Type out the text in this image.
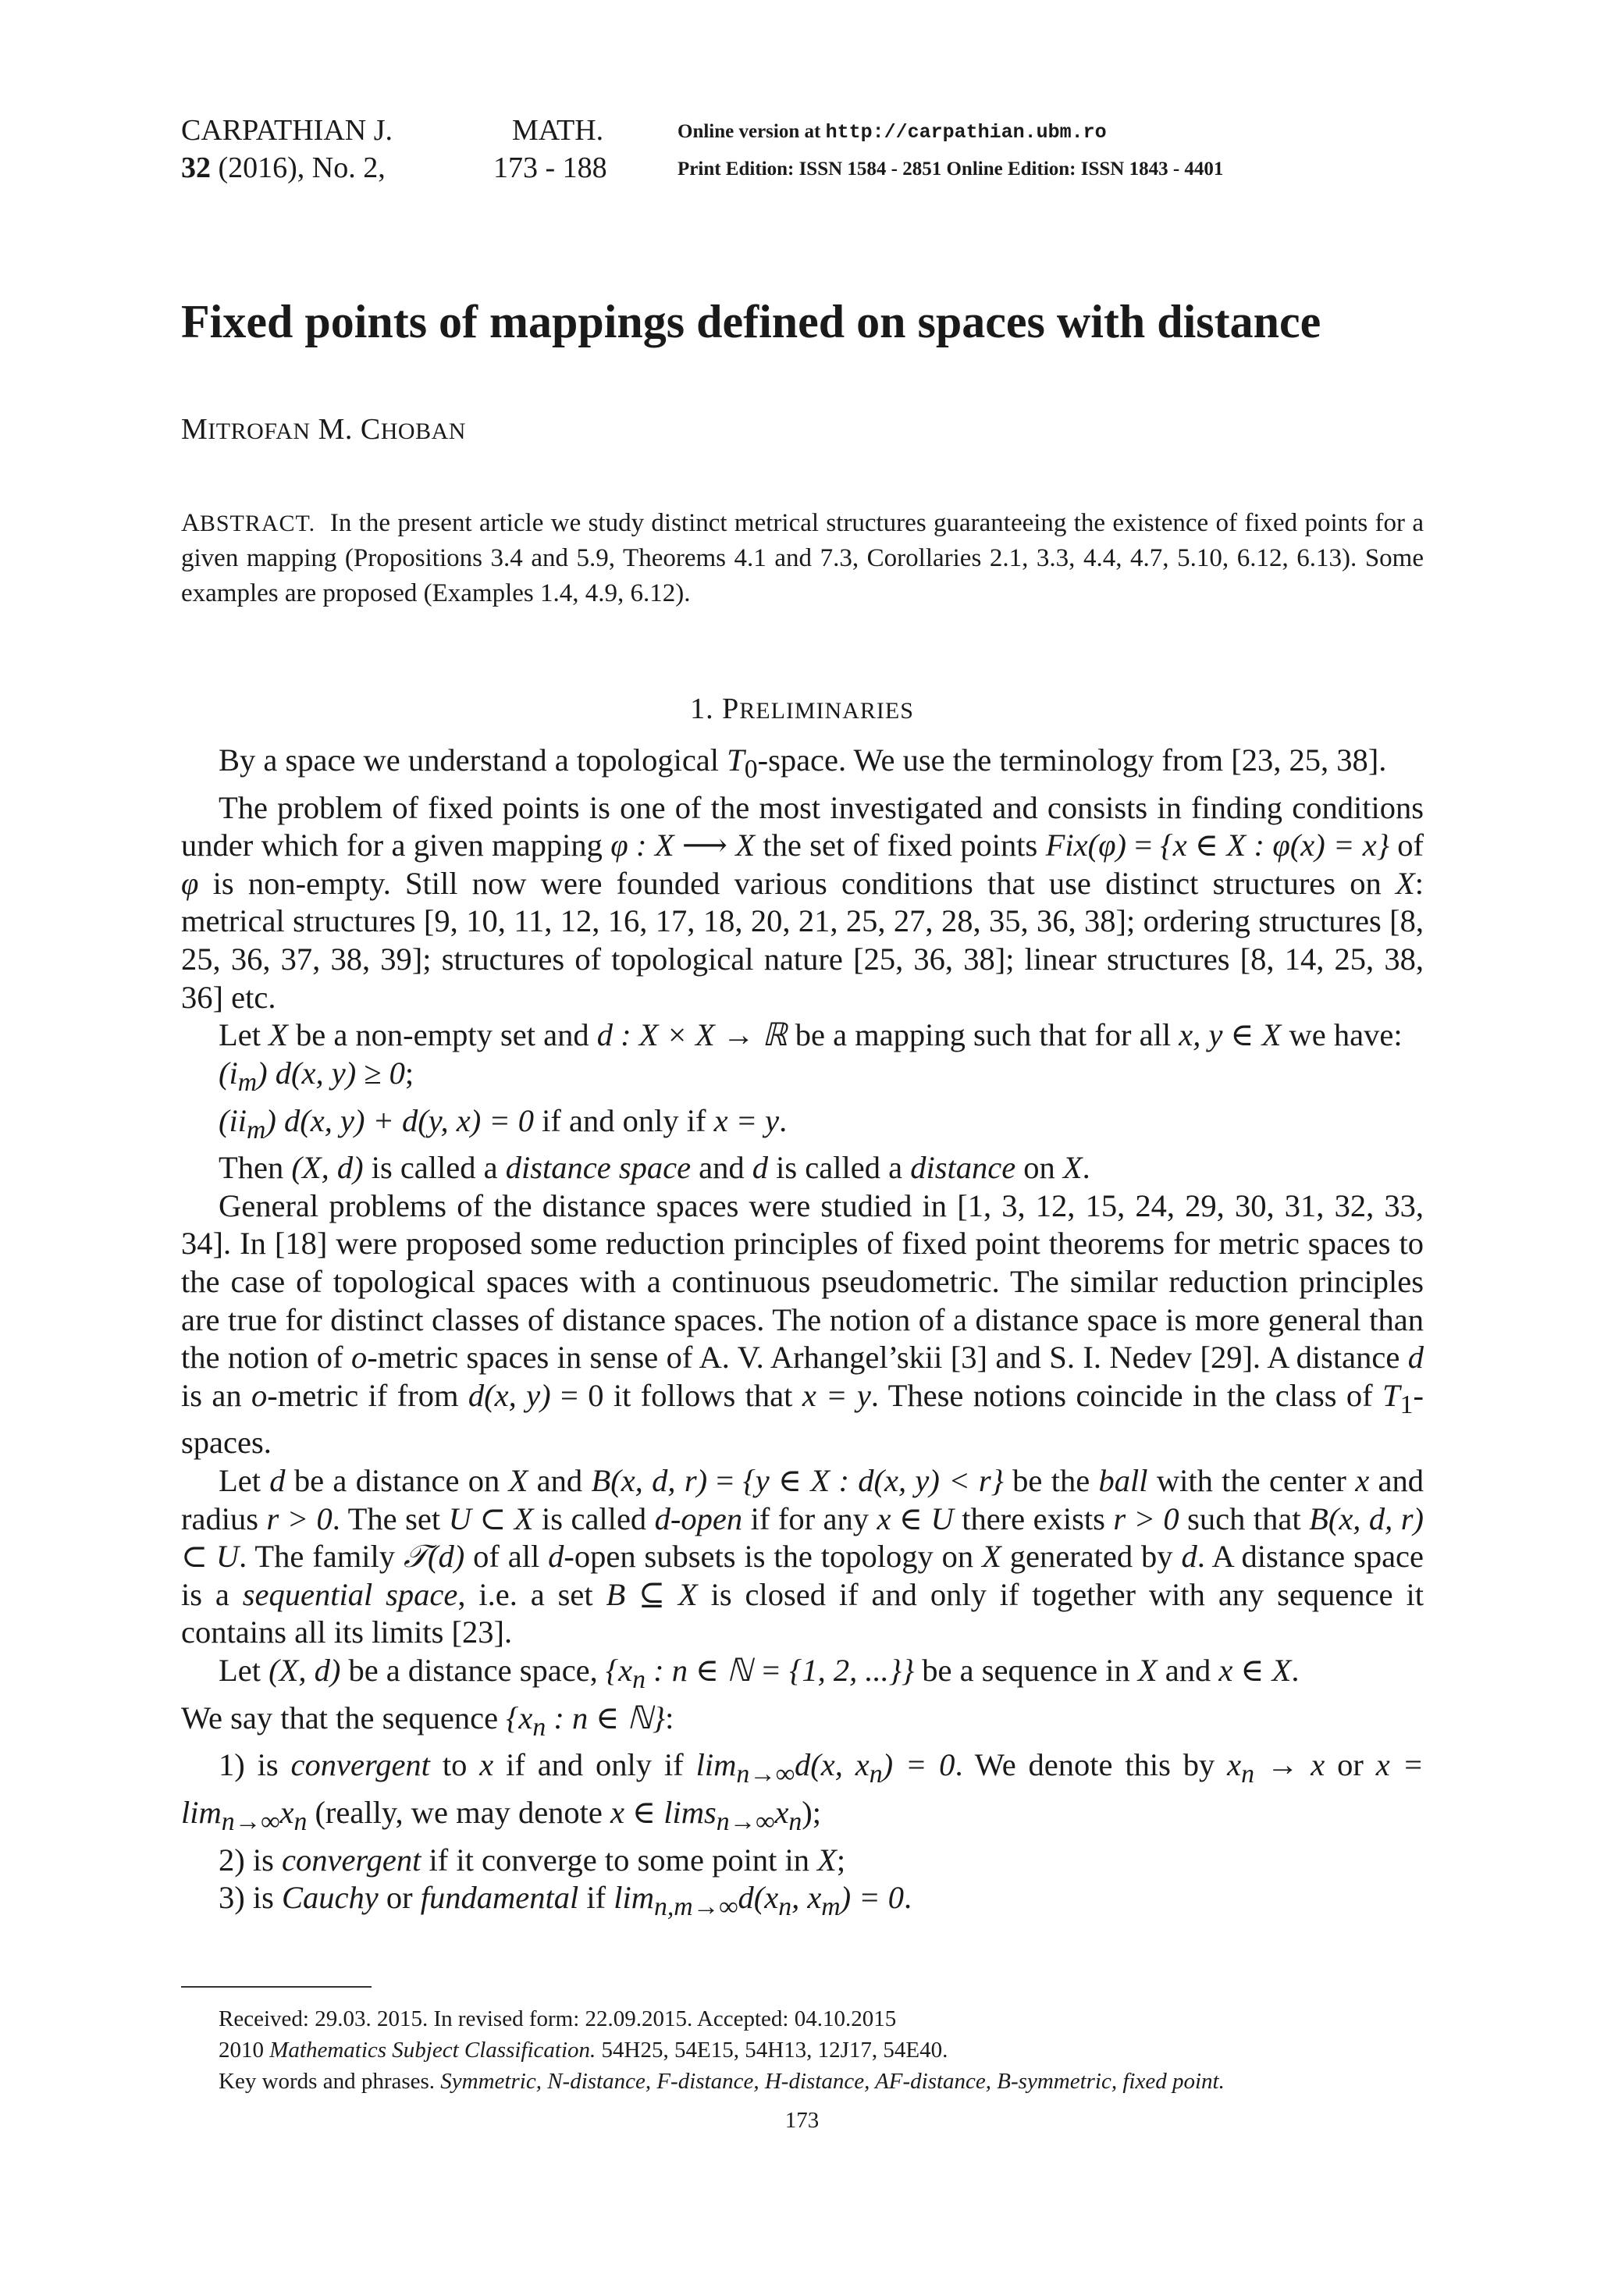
CARPATHIAN J.	MATH.
32 (2016), No. 2,	173 - 188
Online version at http://carpathian.ubm.ro
Print Edition: ISSN 1584 - 2851 Online Edition: ISSN 1843 - 4401
Fixed points of mappings defined on spaces with distance
MITROFAN M. CHOBAN
ABSTRACT. In the present article we study distinct metrical structures guaranteeing the existence of fixed points for a given mapping (Propositions 3.4 and 5.9, Theorems 4.1 and 7.3, Corollaries 2.1, 3.3, 4.4, 4.7, 5.10, 6.12, 6.13). Some examples are proposed (Examples 1.4, 4.9, 6.12).
1. PRELIMINARIES

By a space we understand a topological $T_0$-space. We use the terminology from [23, 25, 38].

The problem of fixed points is one of the most investigated and consists in finding conditions under which for a given mapping φ : X ⟶ X the set of fixed points Fix(φ) = {x ∈ X : φ(x) = x} of φ is non-empty. Still now were founded various conditions that use distinct structures on X: metrical structures [9, 10, 11, 12, 16, 17, 18, 20, 21, 25, 27, 28, 35, 36, 38]; ordering structures [8, 25, 36, 37, 38, 39]; structures of topological nature [25, 36, 38]; linear structures [8, 14, 25, 38, 36] etc.

Let X be a non-empty set and d : X × X → ℝ be a mapping such that for all x, y ∈ X we have:

$(i_m)$ d(x, y) ≥ 0;

$(ii_m)$ d(x, y) + d(y, x) = 0 if and only if x = y.

Then (X, d) is called a distance space and d is called a distance on X.

General problems of the distance spaces were studied in [1, 3, 12, 15, 24, 29, 30, 31, 32, 33, 34]. In [18] were proposed some reduction principles of fixed point theorems for metric spaces to the case of topological spaces with a continuous pseudometric. The similar reduction principles are true for distinct classes of distance spaces. The notion of a distance space is more general than the notion of o-metric spaces in sense of A. V. Arhangel’skii [3] and S. I. Nedev [29]. A distance d is an o-metric if from d(x, y) = 0 it follows that x = y. These notions coincide in the class of $T_1$-spaces.

Let d be a distance on X and B(x, d, r) = {y ∈ X : d(x, y) < r} be the ball with the center x and radius r > 0. The set U ⊂ X is called d-open if for any x ∈ U there exists r > 0 such that B(x, d, r) ⊂ U. The family 𝒯(d) of all d-open subsets is the topology on X generated by d. A distance space is a sequential space, i.e. a set B ⊆ X is closed if and only if together with any sequence it contains all its limits [23].

Let (X, d) be a distance space, {$x_n$ : n ∈ ℕ = {1, 2, ...}} be a sequence in X and x ∈ X.

We say that the sequence {$x_n$ : n ∈ ℕ}:

1) is convergent to x if and only if $\lim_{n\to\infty}d(x$, $x_n) = 0$. We denote this by $x_n \to x$ or $x = \lim_{n\to\infty}x_n$ (really, we may denote x ∈ $\lim s_{n\to\infty}x_n$);

2) is convergent if it converge to some point in X;

3) is Cauchy or fundamental if $\lim_{n,m\to\infty}d(x_n$, $x_m) = 0$.

Received: 29.03. 2015. In revised form: 22.09.2015. Accepted: 04.10.2015
2010 Mathematics Subject Classification. 54H25, 54E15, 54H13, 12J17, 54E40.
Key words and phrases. Symmetric, N-distance, F-distance, H-distance, AF-distance, B-symmetric, fixed point.
173
